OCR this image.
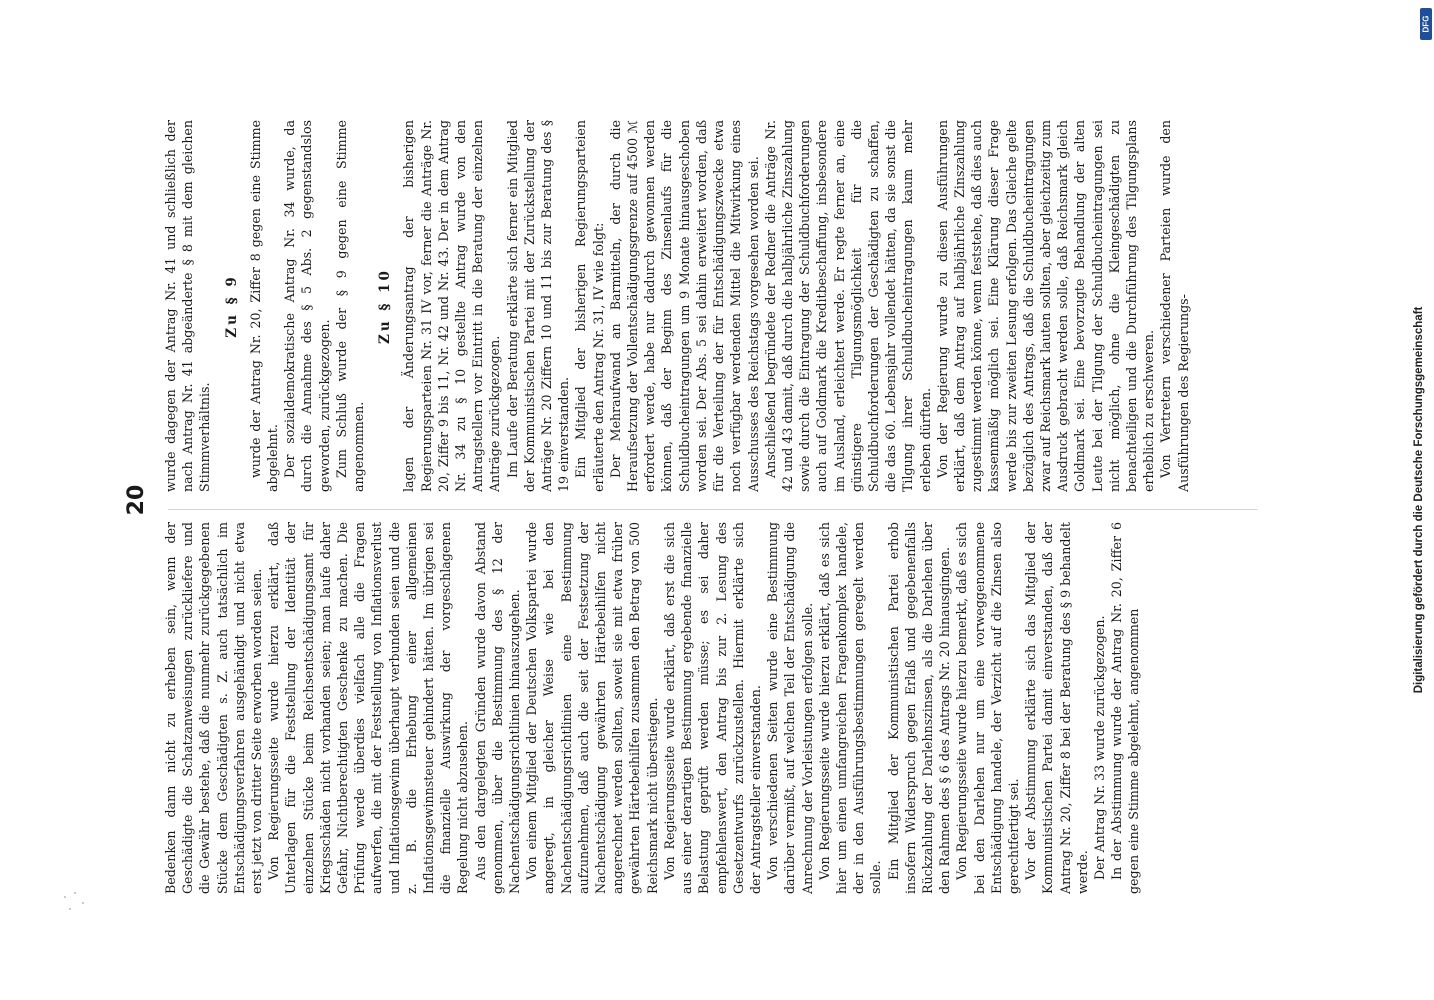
20

Bedenken dann nicht zu erheben sein, wenn der Geschädigte die Schatzanweisungen zurückliefere und die Gewähr bestehe, daß die nunmehr zurückgegebenen Stücke dem Geschädigten s. Z. auch tatsächlich im Entschädigungsverfahren ausgehändigt und nicht etwa erst jetzt von dritter Seite erworben worden seien. Von Regierungsseite wurde hierzu erklärt, daß Unterlagen für die Feststellung der Identität der einzelnen Stücke beim Reichsentschädigungsamt für Kriegsschäden nicht vorhanden seien; man laufe daher Gefahr, Nichtberechtigten Geschenke zu machen. Die Prüfung werde überdies vielfach alle die Fragen aufwerfen, die mit der Feststellung von Inflationsverlust und Inflationsgewinn überhaupt verbunden seien und die z. B. die Erhebung einer allgemeinen Inflationsgewinnsteuer gehindert hätten. Im übrigen sei die finanzielle Auswirkung der vorgeschlagenen Regelung nicht abzusehen. Aus den dargelegten Gründen wurde davon Abstand genommen, über die Bestimmung des § 12 der Nachentschädigungsrichtlinien hinauszugehen. Von einem Mitglied der Deutschen Volkspartei wurde angeregt, in gleicher Weise wie bei den Nachentschädigungsrichtlinien eine Bestimmung aufzunehmen, daß auch die seit der Festsetzung der Nachentschädigung gewährten Härtebeihilfen nicht angerechnet werden sollten, soweit sie mit etwa früher gewährten Härtebeihilfen zusammen den Betrag von 500 Reichsmark nicht überstiegen. Von Regierungsseite wurde erklärt, daß erst die sich aus einer derartigen Bestimmung ergebende finanzielle Belastung geprüft werden müsse; es sei daher empfehlenswert, den Antrag bis zur 2. Lesung des Gesetzentwurfs zurückzustellen. Hiermit erklärte sich der Antragsteller einverstanden. Von verschiedenen Seiten wurde eine Bestimmung darüber vermißt, auf welchen Teil der Entschädigung die Anrechnung der Vorleistungen erfolgen solle. Von Regierungsseite wurde hierzu erklärt, daß es sich hier um einen umfangreichen Fragenkomplex handele, der in den Ausführungsbestimmungen geregelt werden solle. Ein Mitglied der Kommunistischen Partei erhob insofern Widerspruch gegen Erlaß und gegebenenfalls Rückzahlung der Darlehnszinsen, als die Darlehen über den Rahmen des § 6 des Antrags Nr. 20 hinausgingen. Von Regierungsseite wurde hierzu bemerkt, daß es sich bei den Darlehen nur um eine vorweggenommene Entschädigung handele, der Verzicht auf die Zinsen also gerechtfertigt sei. Vor der Abstimmung erklärte sich das Mitglied der Kommunistischen Partei damit einverstanden, daß der Antrag Nr. 20, Ziffer 8 bei der Beratung des § 9 behandelt werde. Der Antrag Nr. 33 wurde zurückgezogen. In der Abstimmung wurde der Antrag Nr. 20, Ziffer 6 gegen eine Stimme abgelehnt, angenommen

wurde dagegen der Antrag Nr. 41 und schließlich der nach Antrag Nr. 41 abgeänderte § 8 mit dem gleichen Stimmverhältnis.

Zu § 9 wurde der Antrag Nr. 20, Ziffer 8 gegen eine Stimme abgelehnt. Der sozialdemokratische Antrag Nr. 34 wurde, da durch die Annahme des § 5 Abs. 2 gegenstandslos geworden, zurückgezogen. Zum Schluß wurde der § 9 gegen eine Stimme angenommen.

Zu § 10 lagen der Änderungsantrag der bisherigen Regierungsparteien Nr. 31 IV vor, ferner die Anträge Nr. 20, Ziffer 9 bis 11, Nr. 42 und Nr. 43. Der in dem Antrag Nr. 34 zu § 10 gestellte Antrag wurde von den Antragstellern vor Eintritt in die Beratung der einzelnen Anträge zurückgezogen. Im Laufe der Beratung erklärte sich ferner ein Mitglied der Kommunistischen Partei mit der Zurückstellung der Anträge Nr. 20 Ziffern 10 und 11 bis zur Beratung des § 19 einverstanden. Ein Mitglied der bisherigen Regierungsparteien erläuterte den Antrag Nr. 31, IV wie folgt: Der Mehraufwand an Barmitteln, der durch die Heraufsetzung der Vollentschädigungsgrenze auf 4500 ℳ erfordert werde, habe nur dadurch gewonnen werden können, daß der Beginn des Zinsenlaufs für die Schuldbucheintragungen um 9 Monate hinausgeschoben worden sei. Der Abs. 5 sei dahin erweitert worden, daß für die Verteilung der für Entschädigungszwecke etwa noch verfügbar werdenden Mittel die Mitwirkung eines Ausschusses des Reichstags vorgesehen worden sei. Anschließend begründete der Redner die Anträge Nr. 42 und 43 damit, daß durch die halbjährliche Zinszahlung sowie durch die Eintragung der Schuldbuchforderungen auch auf Goldmark die Kreditbeschaffung, insbesondere im Ausland, erleichtert werde. Er regte ferner an, eine günstigere Tilgungsmöglichkeit für die Schuldbuchforderungen der Geschädigten zu schaffen, die das 60. Lebensjahr vollendet hätten, da sie sonst die Tilgung ihrer Schuldbucheintragungen kaum mehr erleben dürften. Von der Regierung wurde zu diesen Ausführungen erklärt, daß dem Antrag auf halbjährliche Zinszahlung zugestimmt werden könne, wenn feststehe, daß dies auch kassenmäßig möglich sei. Eine Klärung dieser Frage werde bis zur zweiten Lesung erfolgen. Das Gleiche gelte bezüglich des Antrags, daß die Schuldbucheintragungen zwar auf Reichsmark lauten sollten, aber gleichzeitig zum Ausdruck gebracht werden solle, daß Reichsmark gleich Goldmark sei. Eine bevorzugte Behandlung der alten Leute bei der Tilgung der Schuldbucheintragungen sei nicht möglich, ohne die Kleingeschädigten zu benachteiligen und die Durchführung des Tilgungsplans erheblich zu erschweren. Von Vertretern verschiedener Parteien wurde den Ausführungen des Regierungs-	Digitalisierung gefördert durch die Deutsche Forschungsgemeinschaft
DFG
